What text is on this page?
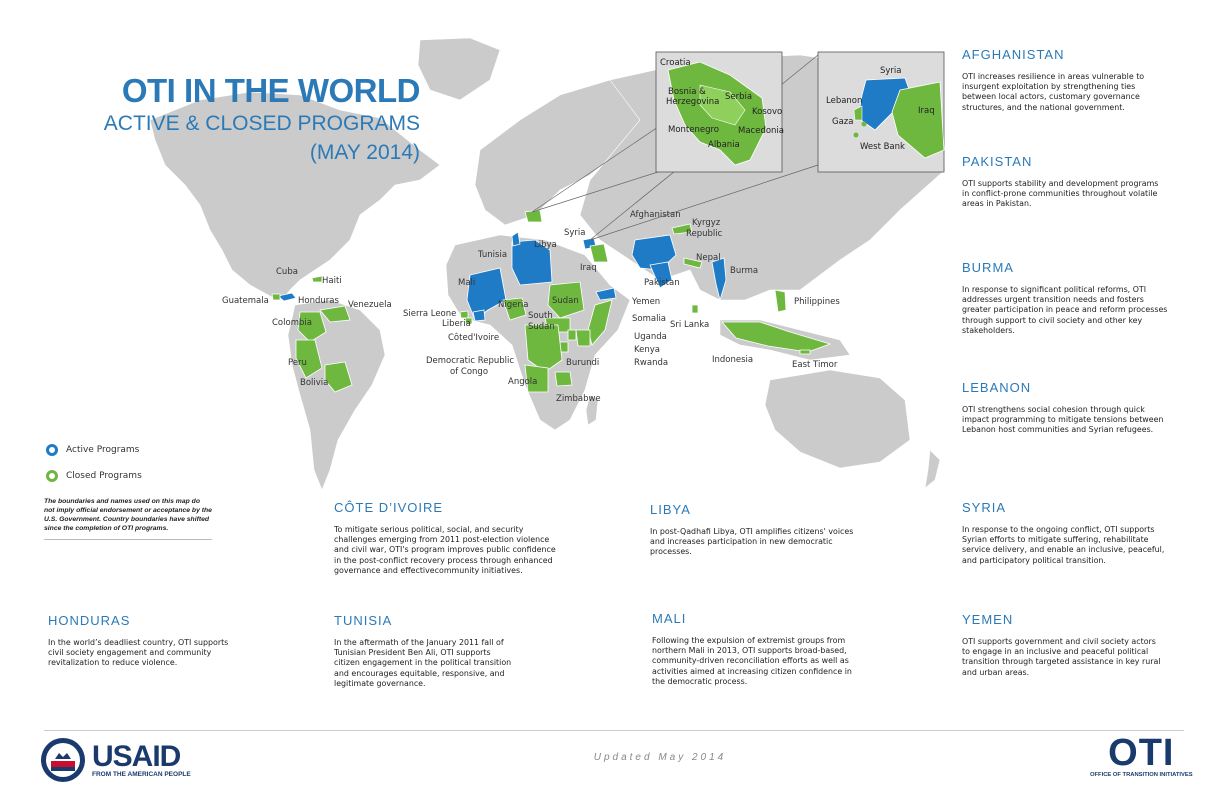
OTI IN THE WORLD
ACTIVE & CLOSED PROGRAMS
(MAY 2014)
Cuba
Haiti
Guatemala	Honduras Venezuela
Colombia
Peru
Bolivia
Sierra Leone
Liberia
Côted'Ivoire
Democratic Republic
of Congo
Angola
Tunisia
Libya
Mali
Nigeria	Sudan
South
Sudan
Yemen
Somalia
Uganda
Kenya
Rwanda
Burundi
Zimbabwe
Syria
Iraq
Afghanistan
Kyrgyz
Republic
Pakistan
Nepal
Burma
Sri Lanka
Indonesia
Philippines
East Timor
Croatia
Bosnia &
Herzegovina Serbia
Kosovo
Montenegro Macedonia
Albania
Syria
Lebanon
Iraq
Gaza
West Bank
Active Programs
Closed Programs
The boundaries and names used on this map do not imply official endorsement or acceptance by the U.S. Government. Country boundaries have shifted since the completion of OTI programs.
AFGHANISTAN

OTI increases resilience in areas vulnerable to insurgent exploitation by strengthening ties between local actors, customary governance structures, and the national government.

PAKISTAN

OTI supports stability and development programs in conflict-prone communities throughout volatile areas in Pakistan.

BURMA

In response to significant political reforms, OTI addresses urgent transition needs and fosters greater participation in peace and reform processes through support to civil society and other key stakeholders.

LEBANON

OTI strengthens social cohesion through quick impact programming to mitigate tensions between Lebanon host communities and Syrian refugees.

SYRIA

In response to the ongoing conflict, OTI supports Syrian efforts to mitigate suffering, rehabilitate service delivery, and enable an inclusive, peaceful, and participatory political transition.

YEMEN

OTI supports government and civil society actors to engage in an inclusive and peaceful political transition through targeted assistance in key rural and urban areas.

CÔTE D’IVOIRE

To mitigate serious political, social, and security challenges emerging from 2011 post-election violence and civil war, OTI's program improves public confidence in the post-conflict recovery process through enhanced governance and effectivecommunity initiatives.

LIBYA

In post-Qadhafi Libya, OTI amplifies citizens' voices and increases participation in new democratic processes.

HONDURAS

In the world’s deadliest country, OTI supports civil society engagement and community revitalization to reduce violence.

TUNISIA

In the aftermath of the January 2011 fall of Tunisian President Ben Ali, OTI supports citizen engagement in the political transition and encourages equitable, responsive, and legitimate governance.

MALI

Following the expulsion of extremist groups from northern Mali in 2013, OTI supports broad-based, community-driven reconciliation efforts as well as activities aimed at increasing citizen confidence in the democratic process.

Updated May 2014
USAID
FROM THE AMERICAN PEOPLE	OTI
OFFICE OF TRANSITION INITIATIVES
